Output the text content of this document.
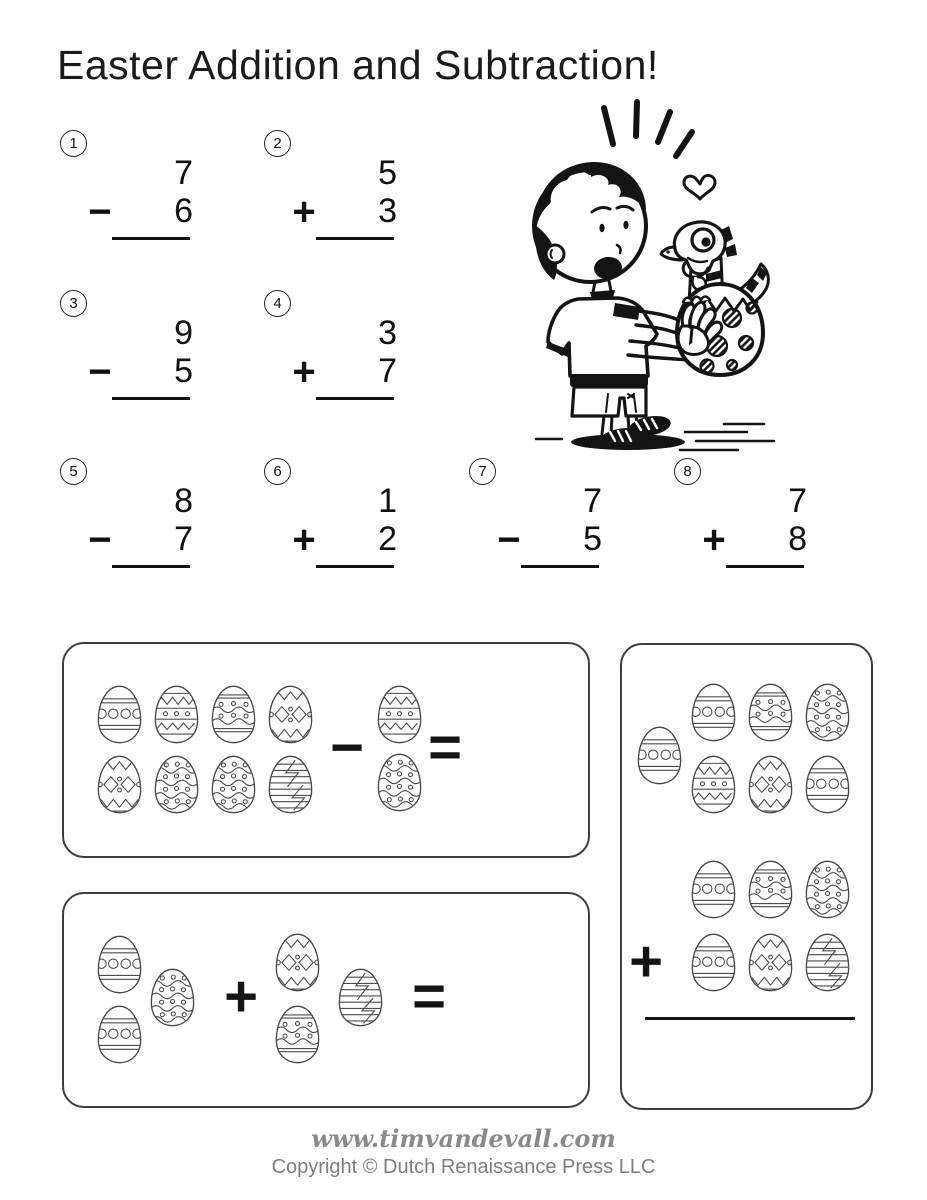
Easter Addition and Subtraction!
1
7
− 6
2
5
+ 3
3
9
− 5
4
3
+ 7
5
8
− 7
6
1
+ 2
7
7
− 5
8
7
+ 8
− =
+	=
+
www.timvandevall.com
Copyright © Dutch Renaissance Press LLC
